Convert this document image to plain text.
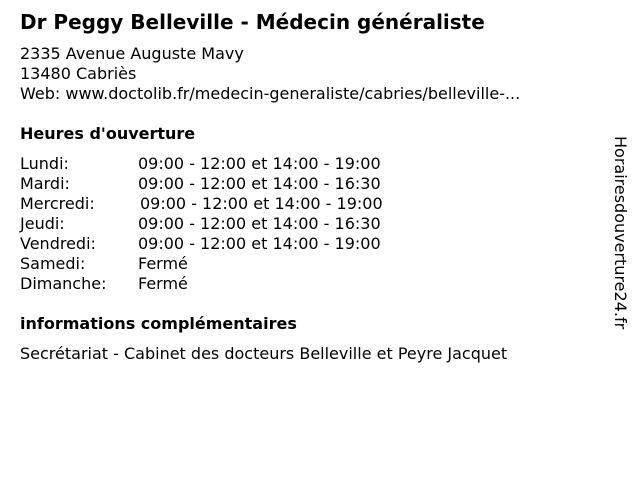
Dr Peggy Belleville - Médecin généraliste
2335 Avenue Auguste Mavy
13480 Cabriès
Web: www.doctolib.fr/medecin-generaliste/cabries/belleville-...
Heures d'ouverture
Lundi:	09:00 - 12:00 et 14:00 - 19:00
Mardi:	09:00 - 12:00 et 14:00 - 16:30
Mercredi:	09:00 - 12:00 et 14:00 - 19:00
Jeudi:	09:00 - 12:00 et 14:00 - 16:30
Vendredi:	09:00 - 12:00 et 14:00 - 19:00
Samedi:	Fermé
Dimanche: Fermé
informations complémentaires
Secrétariat - Cabinet des docteurs Belleville et Peyre Jacquet
Horairesdouverture24.fr
